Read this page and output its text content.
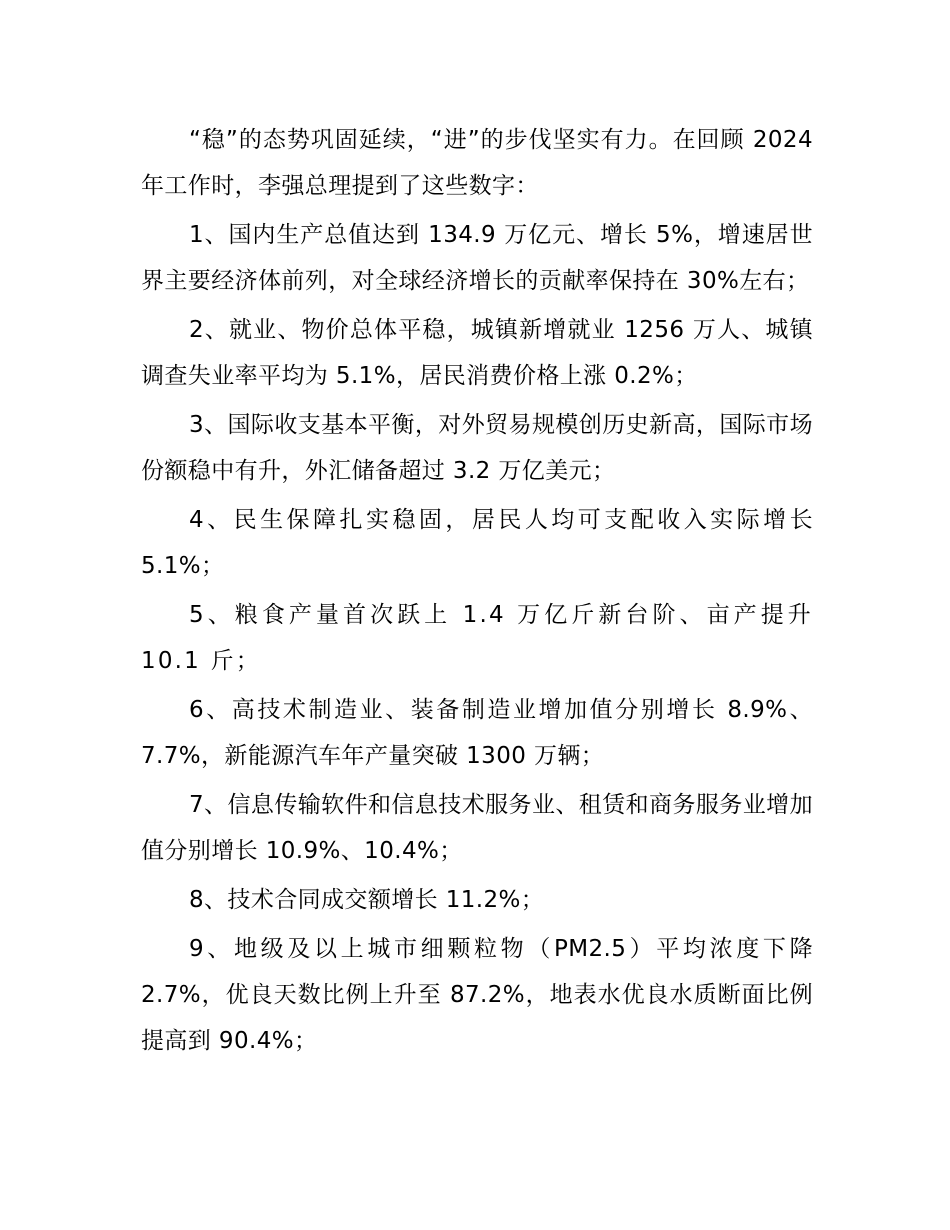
“稳”的态势巩固延续，“进”的步伐坚实有力。在回顾 2024 年工作时，李强总理提到了这些数字：

1、国内生产总值达到 134.9 万亿元、增长 5%，增速居世界主要经济体前列，对全球经济增长的贡献率保持在 30%左右；

2、就业、物价总体平稳，城镇新增就业 1256 万人、城镇调查失业率平均为 5.1%，居民消费价格上涨 0.2%；

3、国际收支基本平衡，对外贸易规模创历史新高，国际市场份额稳中有升，外汇储备超过 3.2 万亿美元；

4、民生保障扎实稳固，居民人均可支配收入实际增长 5.1%；

5、粮食产量首次跃上 1.4 万亿斤新台阶、亩产提升 10.1 斤；

6、高技术制造业、装备制造业增加值分别增长 8.9%、7.7%，新能源汽车年产量突破 1300 万辆；

7、信息传输软件和信息技术服务业、租赁和商务服务业增加值分别增长 10.9%、10.4%；

8、技术合同成交额增长 11.2%；

9、地级及以上城市细颗粒物（PM2.5）平均浓度下降 2.7%，优良天数比例上升至 87.2%，地表水优良水质断面比例提高到 90.4%；
